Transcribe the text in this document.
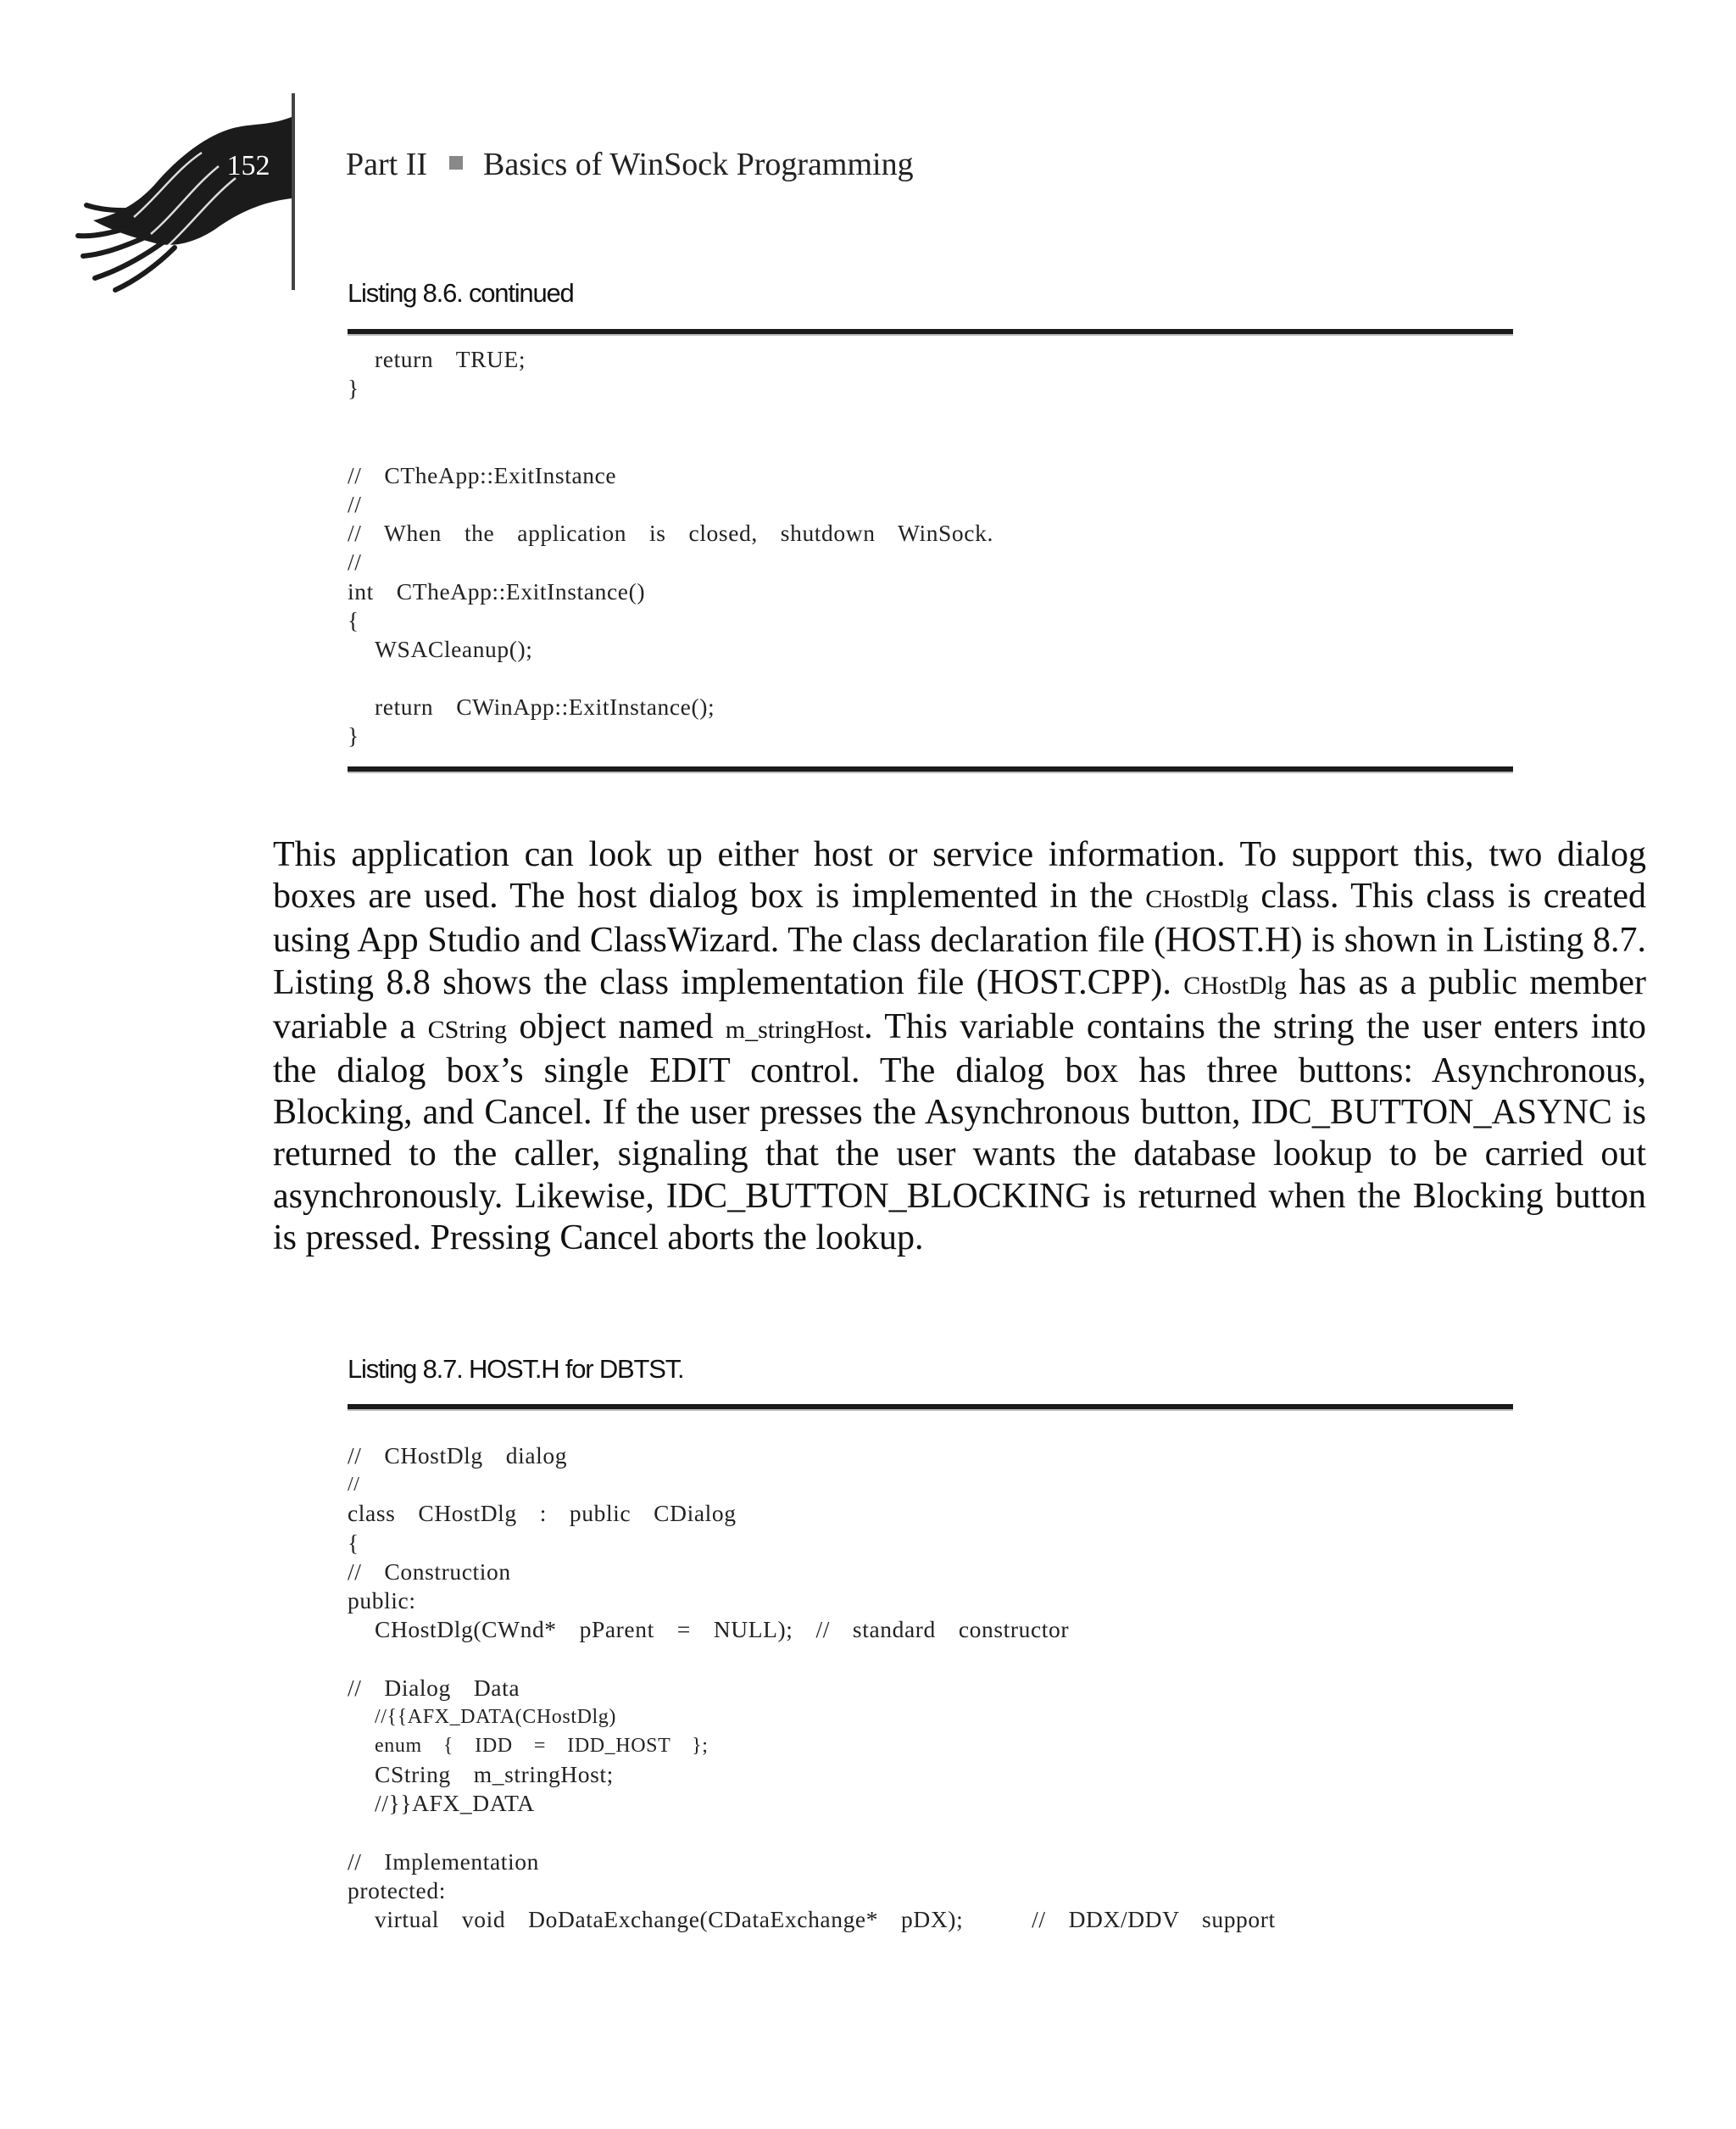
152 Part II Basics of WinSock Programming
Listing 8.6. continued
return  TRUE;
}
//  CTheApp::ExitInstance
//
//  When  the  application  is  closed,  shutdown  WinSock.
//
int  CTheApp::ExitInstance()
{
WSACleanup();
return  CWinApp::ExitInstance();
}

This application can look up either host or service information. To support this, two dialog boxes are used. The host dialog box is implemented in the CHostDlg class. This class is created using App Studio and ClassWizard. The class declaration file (HOST.H) is shown in Listing 8.7. Listing 8.8 shows the class implementation file (HOST.CPP). CHostDlg has as a public member variable a CString object named m_stringHost. This variable contains the string the user enters into the dialog box’s single EDIT control. The dialog box has three buttons: Asynchronous, Blocking, and Cancel. If the user presses the Asynchronous button, IDC_BUTTON_ASYNC is returned to the caller, signaling that the user wants the database lookup to be carried out asynchronously. Likewise, IDC_BUTTON_BLOCKING is returned when the Blocking button is pressed. Pressing Cancel aborts the lookup.

Listing 8.7. HOST.H for DBTST.
//  CHostDlg  dialog
//
class  CHostDlg  :  public  CDialog
{
//  Construction
public:
CHostDlg(CWnd*  pParent  =  NULL);  //  standard  constructor
//  Dialog  Data
//{{AFX_DATA(CHostDlg)
enum  {  IDD  =  IDD_HOST  };
CString  m_stringHost;
//}}AFX_DATA
//  Implementation
protected:
virtual  void  DoDataExchange(CDataExchange*  pDX);      //  DDX/DDV  support
